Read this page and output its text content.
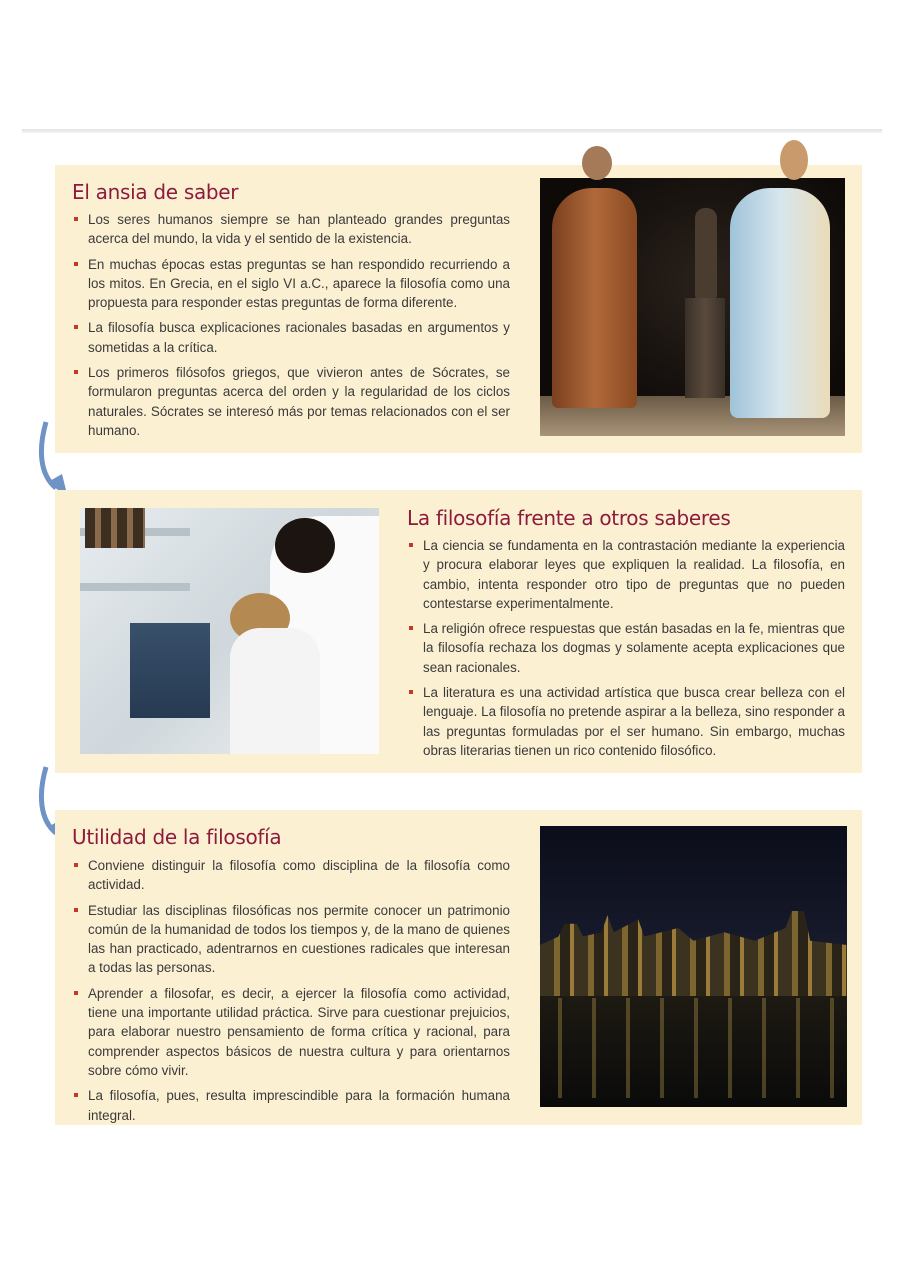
El ansia de saber
Los seres humanos siempre se han planteado grandes preguntas acerca del mundo, la vida y el sentido de la existencia.
En muchas épocas estas preguntas se han respondido recurriendo a los mitos. En Grecia, en el siglo VI a.C., aparece la filosofía como una propuesta para responder estas preguntas de forma diferente.
La filosofía busca explicaciones racionales basadas en argumentos y sometidas a la crítica.
Los primeros filósofos griegos, que vivieron antes de Sócrates, se formularon preguntas acerca del orden y la regularidad de los ciclos naturales. Sócrates se interesó más por temas relacionados con el ser humano.
La filosofía frente a otros saberes
La ciencia se fundamenta en la contrastación mediante la experiencia y procura elaborar leyes que expliquen la realidad. La filosofía, en cambio, intenta responder otro tipo de preguntas que no pueden contestarse experimentalmente.
La religión ofrece respuestas que están basadas en la fe, mientras que la filosofía rechaza los dogmas y solamente acepta explicaciones que sean racionales.
La literatura es una actividad artística que busca crear belleza con el lenguaje. La filosofía no pretende aspirar a la belleza, sino responder a las preguntas formuladas por el ser humano. Sin embargo, muchas obras literarias tienen un rico contenido filosófico.
Utilidad de la filosofía
Conviene distinguir la filosofía como disciplina de la filosofía como actividad.
Estudiar las disciplinas filosóficas nos permite conocer un patrimonio común de la humanidad de todos los tiempos y, de la mano de quienes las han practicado, adentrarnos en cuestiones radicales que interesan a todas las personas.
Aprender a filosofar, es decir, a ejercer la filosofía como actividad, tiene una importante utilidad práctica. Sirve para cuestionar prejuicios, para elaborar nuestro pensamiento de forma crítica y racional, para comprender aspectos básicos de nuestra cultura y para orientarnos sobre cómo vivir.
La filosofía, pues, resulta imprescindible para la formación humana integral.
